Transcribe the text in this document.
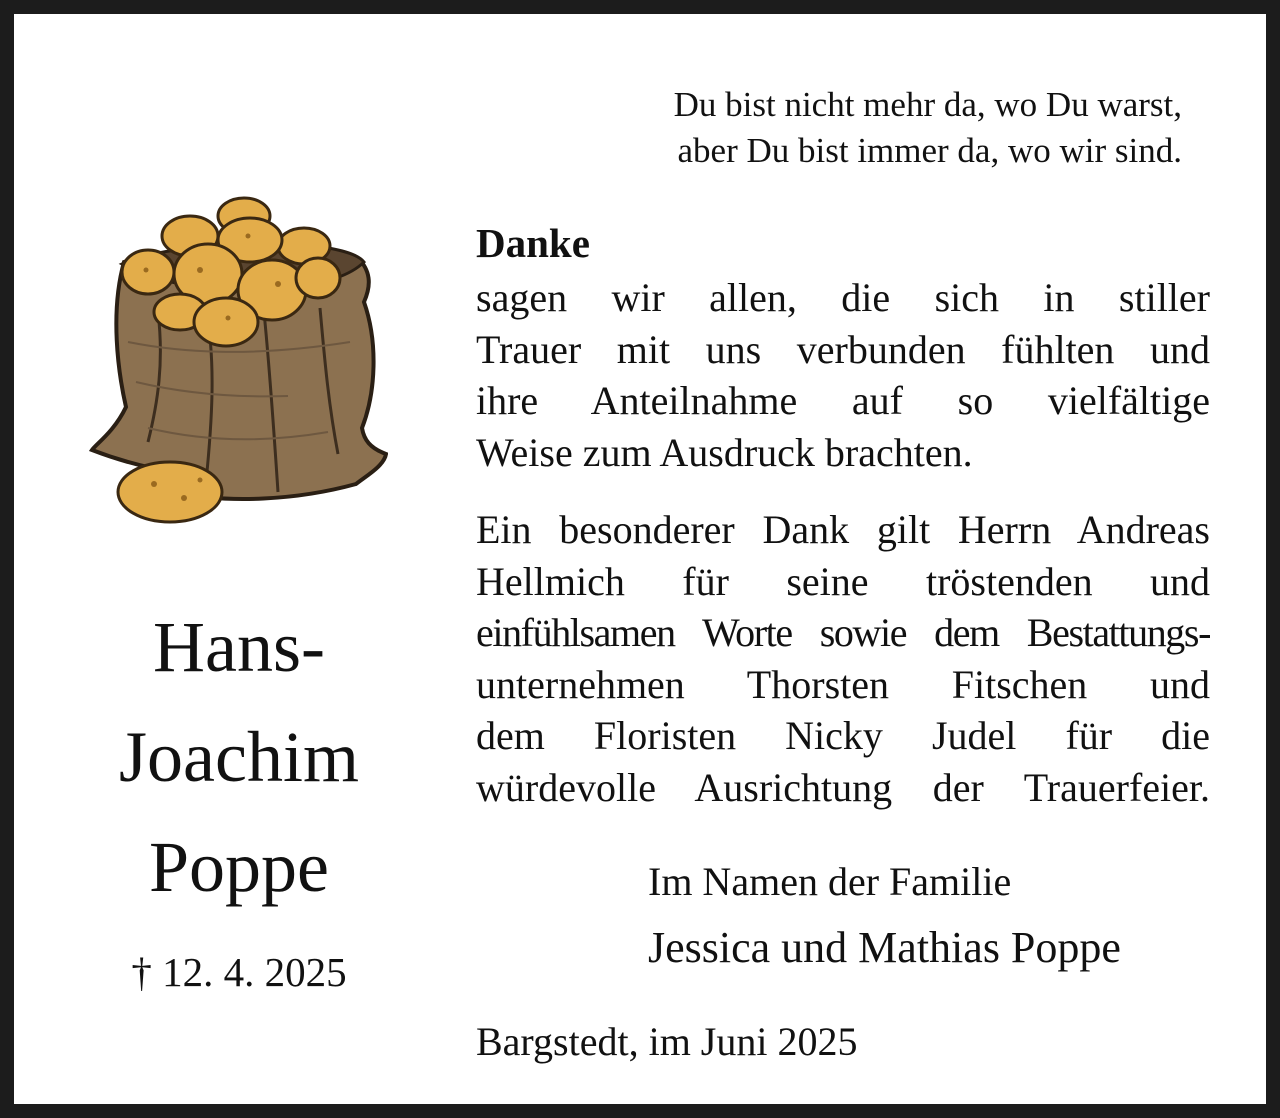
Du bist nicht mehr da, wo Du warst,
aber Du bist immer da, wo wir sind.
Hans-
Joachim
Poppe
† 12. 4. 2025
Danke
sagen wir allen, die sich in stiller
Trauer mit uns verbunden fühlten und
ihre Anteilnahme auf so vielfältige
Weise zum Ausdruck brachten.
Ein besonderer Dank gilt Herrn Andreas
Hellmich für seine tröstenden und
einfühlsamen Worte sowie dem Bestattungs-
unternehmen Thorsten Fitschen und
dem Floristen Nicky Judel für die
würdevolle Ausrichtung der Trauerfeier.
Im Namen der Familie
Jessica und Mathias Poppe
Bargstedt, im Juni 2025
